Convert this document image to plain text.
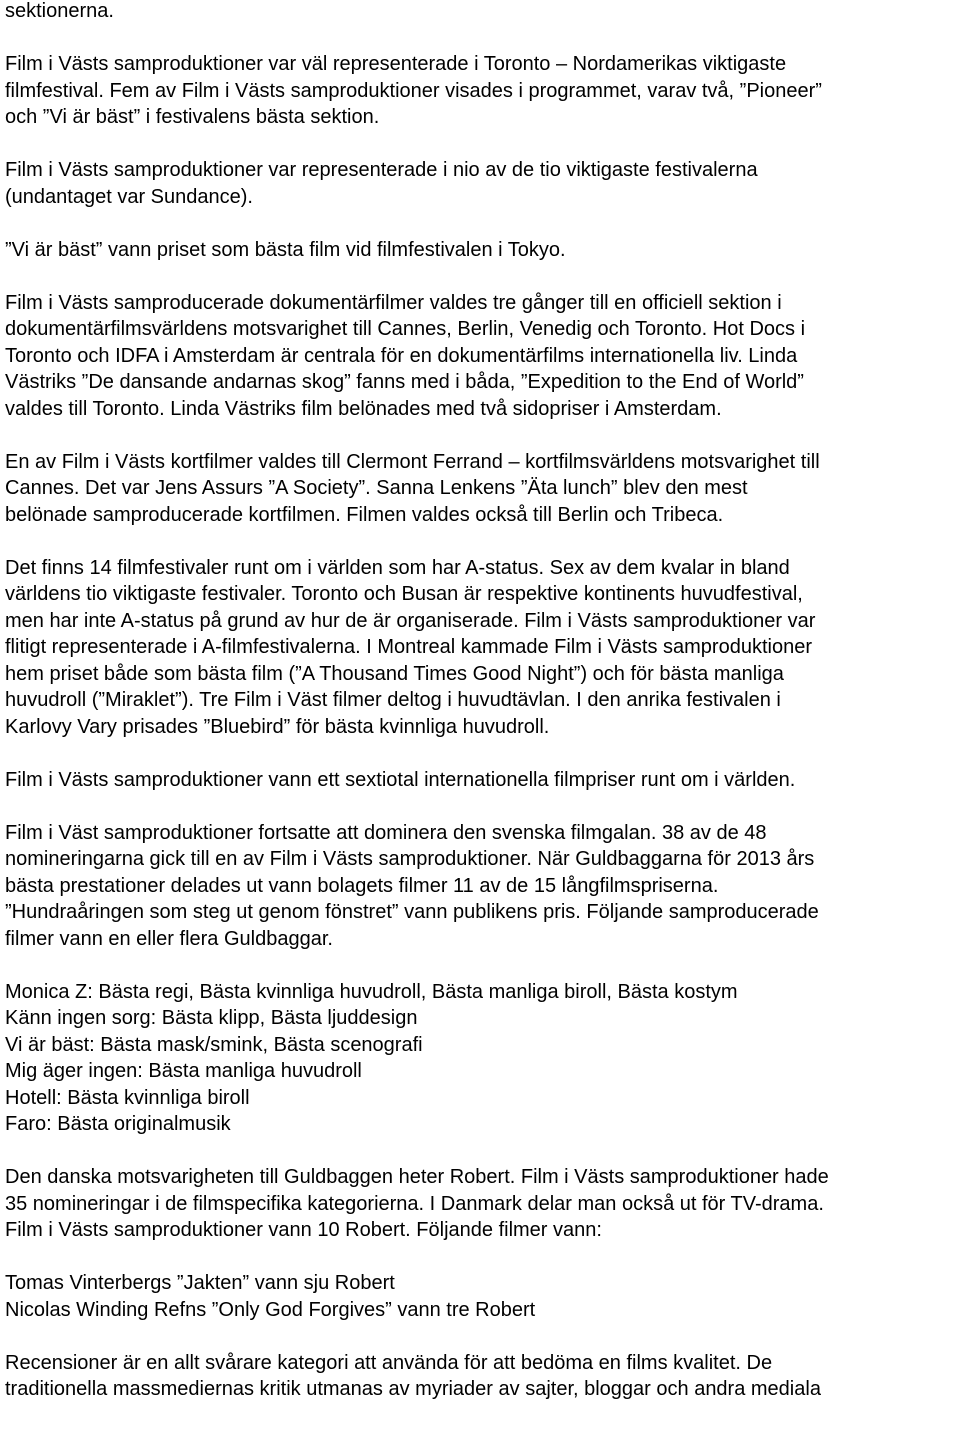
sektionerna.
Film i Västs samproduktioner var väl representerade i Toronto – Nordamerikas viktigaste
filmfestival. Fem av Film i Västs samproduktioner visades i programmet, varav två, ”Pioneer”
och ”Vi är bäst” i festivalens bästa sektion.
Film i Västs samproduktioner var representerade i nio av de tio viktigaste festivalerna
(undantaget var Sundance).
”Vi är bäst” vann priset som bästa film vid filmfestivalen i Tokyo.
Film i Västs samproducerade dokumentärfilmer valdes tre gånger till en officiell sektion i
dokumentärfilmsvärldens motsvarighet till Cannes, Berlin, Venedig och Toronto. Hot Docs i
Toronto och IDFA i Amsterdam är centrala för en dokumentärfilms internationella liv. Linda
Västriks ”De dansande andarnas skog” fanns med i båda, ”Expedition to the End of World”
valdes till Toronto. Linda Västriks film belönades med två sidopriser i Amsterdam.
En av Film i Västs kortfilmer valdes till Clermont Ferrand – kortfilmsvärldens motsvarighet till
Cannes. Det var Jens Assurs ”A Society”. Sanna Lenkens ”Äta lunch” blev den mest
belönade samproducerade kortfilmen. Filmen valdes också till Berlin och Tribeca.
Det finns 14 filmfestivaler runt om i världen som har A-status. Sex av dem kvalar in bland
världens tio viktigaste festivaler. Toronto och Busan är respektive kontinents huvudfestival,
men har inte A-status på grund av hur de är organiserade. Film i Västs samproduktioner var
flitigt representerade i A-filmfestivalerna. I Montreal kammade Film i Västs samproduktioner
hem priset både som bästa film (”A Thousand Times Good Night”) och för bästa manliga
huvudroll (”Miraklet”). Tre Film i Väst filmer deltog i huvudtävlan. I den anrika festivalen i
Karlovy Vary prisades ”Bluebird” för bästa kvinnliga huvudroll.
Film i Västs samproduktioner vann ett sextiotal internationella filmpriser runt om i världen.
Film i Väst samproduktioner fortsatte att dominera den svenska filmgalan. 38 av de 48
nomineringarna gick till en av Film i Västs samproduktioner. När Guldbaggarna för 2013 års
bästa prestationer delades ut vann bolagets filmer 11 av de 15 långfilmspriserna.
”Hundraåringen som steg ut genom fönstret” vann publikens pris. Följande samproducerade
filmer vann en eller flera Guldbaggar.
Monica Z: Bästa regi, Bästa kvinnliga huvudroll, Bästa manliga biroll, Bästa kostym
Känn ingen sorg: Bästa klipp, Bästa ljuddesign
Vi är bäst: Bästa mask/smink, Bästa scenografi
Mig äger ingen: Bästa manliga huvudroll
Hotell: Bästa kvinnliga biroll
Faro: Bästa originalmusik
Den danska motsvarigheten till Guldbaggen heter Robert. Film i Västs samproduktioner hade
35 nomineringar i de filmspecifika kategorierna. I Danmark delar man också ut för TV-drama.
Film i Västs samproduktioner vann 10 Robert. Följande filmer vann:
Tomas Vinterbergs ”Jakten” vann sju Robert
Nicolas Winding Refns ”Only God Forgives” vann tre Robert
Recensioner är en allt svårare kategori att använda för att bedöma en films kvalitet. De
traditionella massmediernas kritik utmanas av myriader av sajter, bloggar och andra mediala
